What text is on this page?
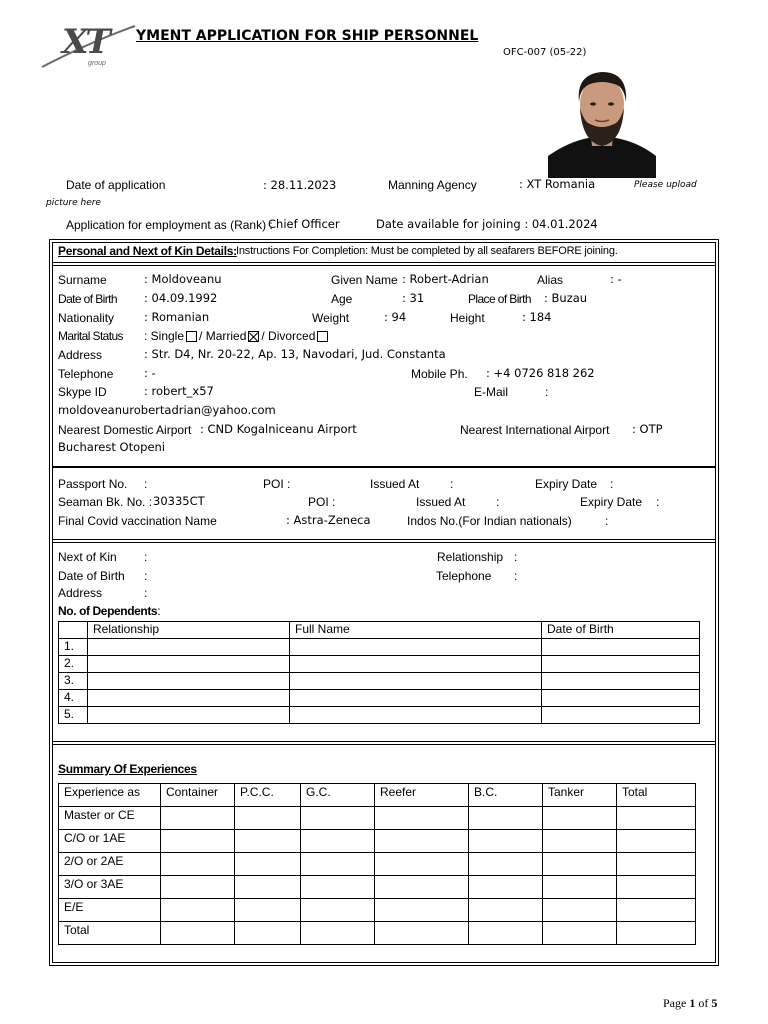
XT
group
YMENT APPLICATION FOR SHIP PERSONNEL
OFC-007 (05-22)
Date of application	: 28.11.2023	Manning Agency	: XT Romania	Please upload
picture here
Application for employment as (Rank) :
Chief Officer	Date available for joining : 04.01.2024
Personal and Next of Kin Details: Instructions For Completion: Must be completed by all seafarers BEFORE joining.
Surname	: Moldoveanu	Given Name : Robert-Adrian	Alias	: -
Date of Birth : 04.09.1992	Age	: 31	Place of Birth : Buzau
Nationality	: Romanian	Weight	: 94	Height	: 184
Marital Status : Single / Married / Divorced
Address	: Str. D4, Nr. 20-22, Ap. 13, Navodari, Jud. Constanta
Telephone	: -	Mobile Ph. : +4 0726 818 262
Skype ID	: robert_x57	E-Mail	:
moldoveanurobertadrian@yahoo.com
Nearest Domestic Airport : CND Kogalniceanu Airport	Nearest International Airport : OTP
Bucharest Otopeni
Passport No. :	POI :	Issued At	:	Expiry Date :
Seaman Bk. No. : 30335CT	POI :	Issued At	:	Expiry Date :
Final Covid vaccination Name	: Astra-Zeneca	Indos No.(For Indian nationals)	:
Next of Kin :	Relationship :
Date of Birth :	Telephone :
Address	:
No. of Dependents:
	Relationship	Full Name	Date of Birth
1.			
2.			
3.			
4.			
5.			
Summary Of Experiences
Experience as	Container	P.C.C.	G.C.	Reefer	B.C.	Tanker	Total
Master or CE							
C/O or 1AE							
2/O or 2AE							
3/O or 3AE							
E/E							
Total							
Page 1 of 5
